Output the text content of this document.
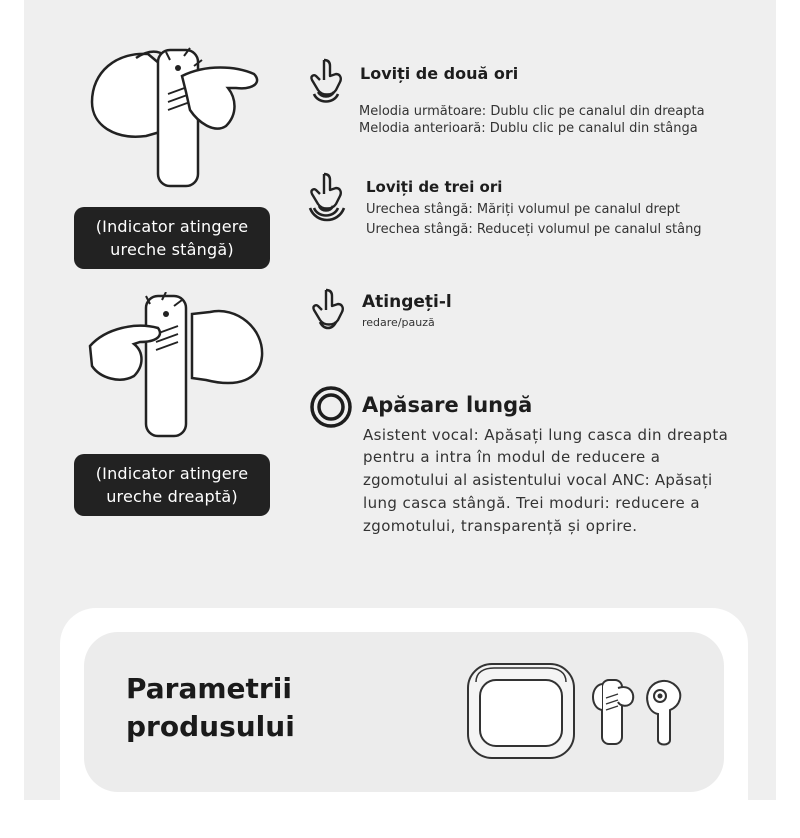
(Indicator atingere
ureche stângă)
(Indicator atingere
ureche dreaptă)
Loviți de două ori
Melodia următoare: Dublu clic pe canalul din dreapta
Melodia anterioară: Dublu clic pe canalul din stânga
Loviți de trei ori
Urechea stângă: Măriți volumul pe canalul drept
Urechea stângă: Reduceți volumul pe canalul stâng
Atingeți-l
redare/pauză
Apăsare lungă
Asistent vocal: Apăsați lung casca din dreapta
pentru a intra în modul de reducere a
zgomotului al asistentului vocal ANC: Apăsați
lung casca stângă. Trei moduri: reducere a
zgomotului, transparență și oprire.
Parametrii
produsului
